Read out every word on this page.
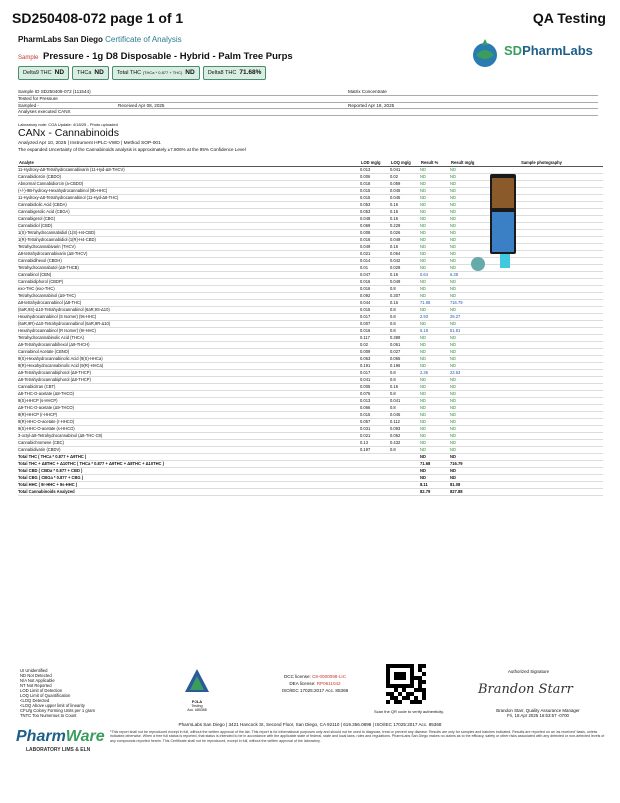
SD250408-072 page 1 of 1	QA Testing
PharmLabs San Diego Certificate of Analysis
Sample Pressure - 1g D8 Disposable - Hybrid - Palm Tree Purps
Delta9 THC ND	THCa ND	Total THC (THCa * 0.877 + THC) ND	Delta8 THC 71.68%
SDPharmLabs
Sample ID SD250408-072 (111544)	Matrix Concentrate
Tested for Pressure
Sampled -	Received Apr 08, 2025	Reported Apr 18, 2025
Analyses executed CANX
Laboratory note: COA Update: 4/18/25 - Photo uploaded
CANx - Cannabinoids
Analyzed Apr 10, 2025 | Instrument HPLC-VWD | Method SOP-001
The expanded Uncertainty of the Cannabinoids analysis is approximately ±7.806% at the 95% Confidence Level
Analyte	LOD mg/g	LOQ mg/g	Result %	Result mg/g	Sample photography
11-Hydroxy-Δ8-Tetrahydrocannabivarin (11-Hyd-Δ8-THCV)	0.013	0.041	ND	ND	
Cannabidiorcin (CBDO)	0.006	0.02	ND	ND	
Abnormal Cannabidiorcin (a-CBDO)	0.018	0.059	ND	ND	
(+/-)-9B-hydroxy-Hexahydrocannabinol (9b-HHC)	0.015	0.045	ND	ND	
11-Hydroxy-Δ8-Tetrahydrocannabinol (11-Hyd-Δ8-THC)	0.015	0.045	ND	ND	
Cannabidiolic Acid (CBDA)	0.053	0.16	ND	ND	
Cannabigerolic Acid (CBGA)	0.053	0.16	ND	ND	
Cannabigerol (CBG)	0.048	0.16	ND	ND	
Cannabidiol (CBD)	0.069	0.229	ND	ND	
1(S)-Tetrahydrocannabidiol (1(S)-H4-CBD)	0.008	0.026	ND	ND	
1(R)-Tetrahydrocannabidiol (1(R)-H4-CBD)	0.016	0.049	ND	ND	
Tetrahydrocannabivarin (THCV)	0.049	0.16	ND	ND	
Δ8-tetrahydrocannabivarin (Δ8-THCV)	0.021	0.064	ND	ND	
Cannabidihexol (CBDH)	0.014	0.042	ND	ND	
Tetrahydrocannabutol (Δ9-THCB)	0.01	0.029	ND	ND	
Cannabinol (CBN)	0.047	0.16	0.64	6.38	
Cannabidiphorol (CBDP)	0.016	0.049	ND	ND	
exo-THC (exo-THC)	0.016	0.8	ND	ND	
Tetrahydrocannabinol (Δ9-THC)	0.092	0.307	ND	ND	
Δ8-tetrahydrocannabinol (Δ8-THC)	0.044	0.16	71.68	716.79	
(6aR,9S)-Δ10-Tetrahydrocannabinol (6aR,9S-Δ10)	0.015	0.8	ND	ND	
Hexahydrocannabinol (S Isomer) (9s-HHC)	0.017	0.8	2.93	29.27	
(6aR,9R)-Δ10-Tetrahydrocannabinol (6aR,9R-Δ10)	0.007	0.8	ND	ND	
Hexahydrocannabinol (R Isomer) (9r-HHC)	0.016	0.8	5.18	51.81	
Tetrahydrocannabinolic Acid (THCA)	0.117	0.389	ND	ND	
Δ9-Tetrahydrocannabihexol (Δ9-THCH)	0.02	0.061	ND	ND	
Cannabinol Acetate (CBNO)	0.009	0.027	ND	ND	
9(S)-Hexahydrocannabinolic Acid (9(S)-HHCa)	0.063	0.065	ND	ND	
9(R)-Hexahydrocannabinolic Acid (9(R)-HHCa)	0.191	0.196	ND	ND	
Δ9-Tetrahydrocannabiphorol (Δ9-THCP)	0.017	0.8	2.36	23.63	
Δ8-Tetrahydrocannabiphorol (Δ8-THCP)	0.041	0.8	ND	ND	
Cannabicitran (CBT)	0.005	0.16	ND	ND	
Δ8-THC-O-acetate (Δ8-THCO)	0.076	0.8	ND	ND	
9(S)-HHCP (s-HHCP)	0.013	0.041	ND	ND	
Δ9-THC-O-acetate (Δ9-THCO)	0.066	0.8	ND	ND	
9(R)-HHCP (r-HHCP)	0.015	0.045	ND	ND	
9(R)-HHC-O-acetate (r-HHCO)	0.057	0.112	ND	ND	
9(S)-HHC-O-acetate (s-HHCO)	0.031	0.093	ND	ND	
3-octyl-Δ8-Tetrahydrocannabinol (Δ8-THC-C8)	0.021	0.062	ND	ND	
Cannabichromene (CBC)	0.13	0.432	ND	ND	
Cannabidivarin (CBDV)	0.197	0.8	ND	ND	
Total THC ( THCa * 0.877 + Δ9THC )			ND	ND	
Total THC + Δ8THC + Δ10THC ( THCa * 0.877 + Δ9THC + Δ8THC + Δ10THC )			71.68	716.79	
Total CBD ( CBDa * 0.877 + CBD )			ND	ND	
Total CBG ( CBGa * 0.877 + CBG )			ND	ND	
Total HHC ( 9r-HHC + 9s-HHC )			8.11	81.08	
Total Cannabinoids Analyzed			82.79	827.88	
UI Unidentified
ND Not Detected
N/A Not Applicable
NT Not Reported
LOD Limit of Detection
LOQ Limit of Quantification
<LOQ Detected
<LOQ Above upper limit of linearity
CFU/g Colony Forming Units per 1 gram
TNTC Too Numerous to Count
PharmWare
LABORATORY LIMS & ELN
PJLA
Testing
Acc. #85368
DCC license: C8-0000098-LIC
DEA license: RP0611042
ISO/IEC 17025:2017 Acc. 85368
Scan the QR code to verify authenticity.
Authorized Signature
Brandon Starr
Brandon Starr, Quality Assurance Manager
Fri, 18 Apr 2025 16:53:57 -0700
PharmLabs San Diego | 3421 Hancock St, Second Floor, San Diego, CA 92110 | 619.356.0898 | ISO/IEC 17025:2017 Acc. 85368
*This report shall not be reproduced except in full, without the written approval of the lab. This report is for informational purposes only and should not be used to diagnose, treat or prevent any disease. Results are only for samples and batches indicated. Results are reported on an 'as received' basis, unless indicated otherwise. When a free full status is reported, that status is intended to be in accordance with the applicable state of federal, state and local laws, rules and regulations. PharmLabs San Diego makes no claims as to the efficacy, safety or other risks associated with any detected or non-detected levels of any compounds reported herein. This Certificate shall not be reproduced, except in full, without the written approval of the laboratory.
